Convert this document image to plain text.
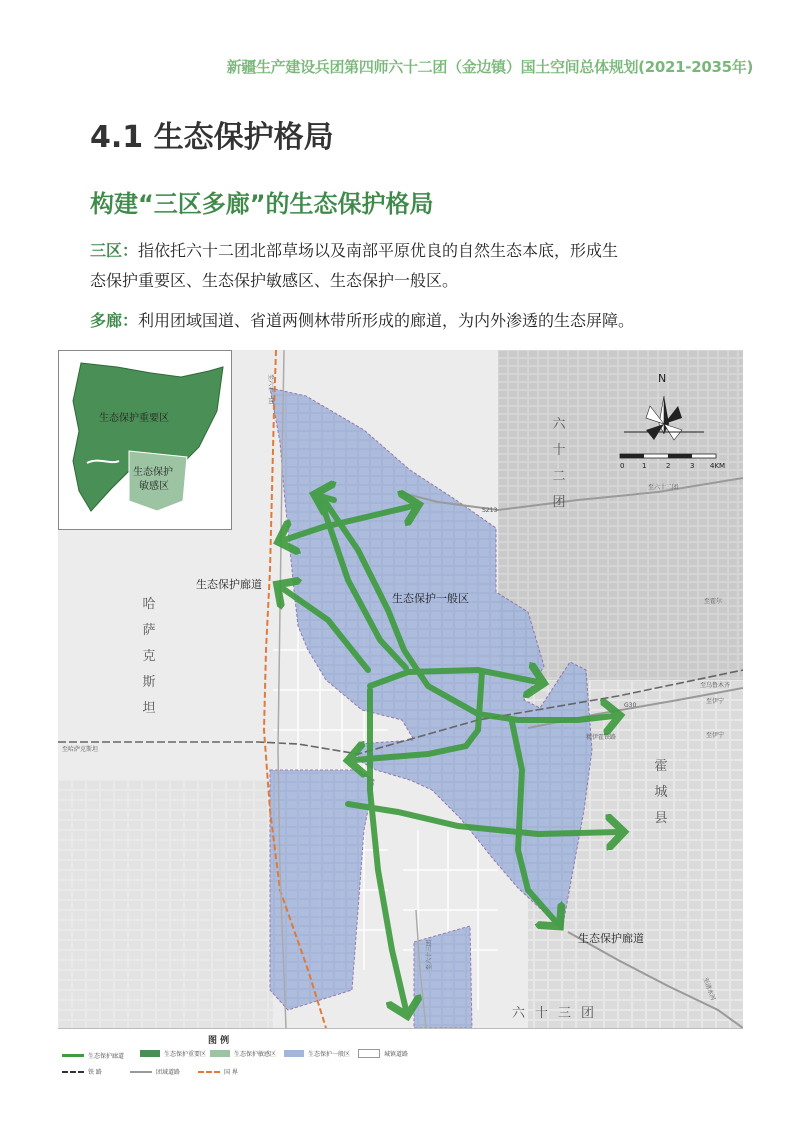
新疆生产建设兵团第四师六十二团（金边镇）国土空间总体规划(2021-2035年)
4.1 生态保护格局
构建“三区多廊”的生态保护格局
三区：指依托六十二团北部草场以及南部平原优良的自然生态本底，形成生
态保护重要区、生态保护敏感区、生态保护一般区。
多廊：利用团域国道、省道两侧林带所形成的廊道，为内外渗透的生态屏障。
N
0	1	2	3 4KM
生态保护重要区
生态保护
敏感区
生态保护一般区
生态保护廊道
生态保护廊道
六
十
二
团
哈
萨
克
斯
坦
霍
城
县
六十三团
S213
至六十二团
至六十一团
G30
至乌鲁木齐
至伊宁
至伊宁
至哈萨克斯坦
至霍尔
精伊霍铁路
至六十三团
至清水河
图 例
生态保护廊道	生态保护重要区	生态保护敏感区	生态保护一般区	城镇道路
铁 路	团域道路	国 界
